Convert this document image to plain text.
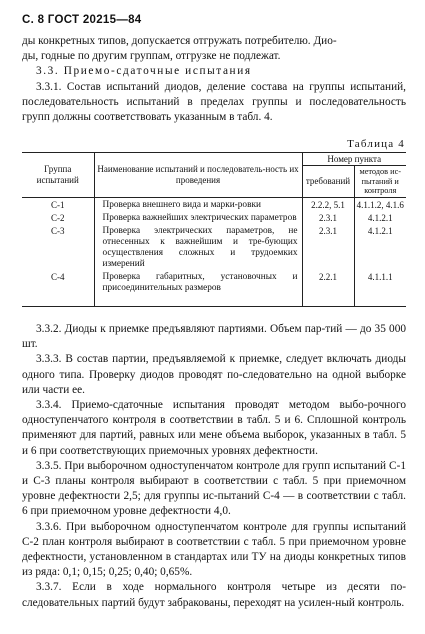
С. 8 ГОСТ 20215—84

ды конкретных типов, допускается отгружать потребителю. Дио-

ды, годные по другим группам, отгрузке не подлежат.

3.3. Приемо-сдаточные испытания

3.3.1. Состав испытаний диодов, деление состава на группы испытаний, последовательность испытаний в пределах группы и последовательность групп должны соответствовать указанным в табл. 4.

Таблица 4
Группа испытаний	Наименование испытаний и последователь-ность их проведения	Номер пункта	
		требований	методов ис-пытаний и контроля
С-1	Проверка внешнего вида и марки-ровки	2.2.2, 5.1	4.1.1.2, 4.1.6
С-2	Проверка важнейших электрических параметров	2.3.1	4.1.2.1
С-3	Проверка электрических параметров, не отнесенных к важнейшим и тре-бующих осуществления сложных и трудоемких измерений	2.3.1	4.1.2.1
С-4	Проверка габаритных, установочных и присоединительных размеров	2.2.1	4.1.1.1

3.3.2. Диоды к приемке предъявляют партиями. Объем пар-тий — до 35 000 шт.

3.3.3. В состав партии, предъявляемой к приемке, следует включать диоды одного типа. Проверку диодов проводят по-следовательно на одной выборке или части ее.

3.3.4. Приемо-сдаточные испытания проводят методом выбо-рочного одноступенчатого контроля в соответствии в табл. 5 и 6. Сплошной контроль применяют для партий, равных или мене объема выборок, указанных в табл. 5 и 6 при соответствующих приемочных уровнях дефектности.

3.3.5. При выборочном одноступенчатом контроле для групп испытаний С-1 и С-3 планы контроля выбирают в соответствии с табл. 5 при приемочном уровне дефектности 2,5; для группы ис-пытаний С-4 — в соответствии с табл. 6 при приемочном уровне дефектности 4,0.

3.3.6. При выборочном одноступенчатом контроле для группы испытаний С-2 план контроля выбирают в соответствии с табл. 5 при приемочном уровне дефектности, установленном в стандартах или ТУ на диоды конкретных типов из ряда: 0,1; 0,15; 0,25; 0,40; 0,65%.

3.3.7. Если в ходе нормального контроля четыре из десяти по-следовательных партий будут забракованы, переходят на усилен-ный контроль.
